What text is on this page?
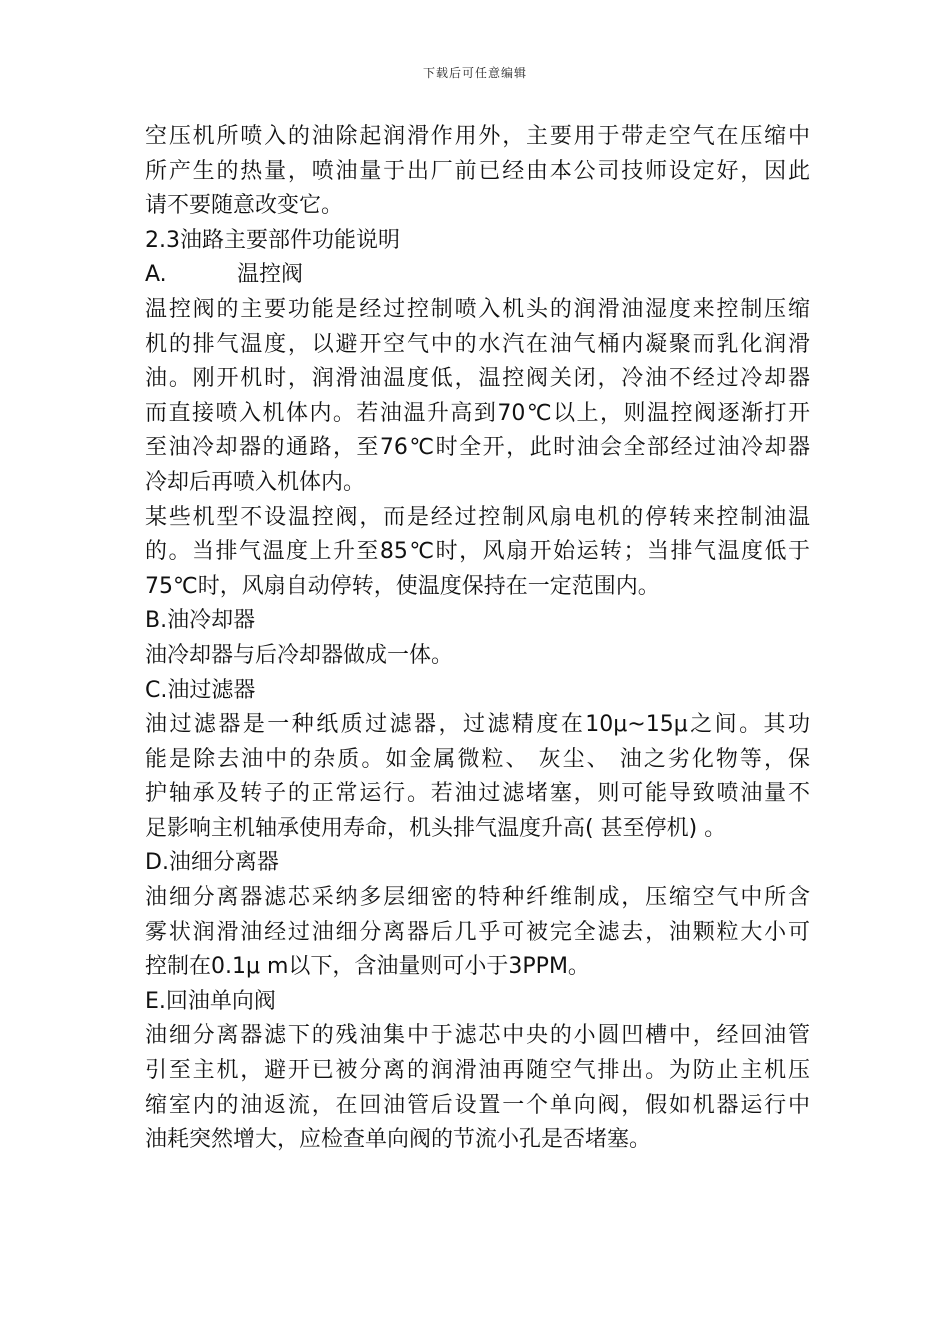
下载后可任意编辑
空压机所喷入的油除起润滑作用外，主要用于带走空气在压缩中
所产生的热量，喷油量于出厂前已经由本公司技师设定好，因此
请不要随意改变它。
2.3油路主要部件功能说明
A.	温控阀
温控阀的主要功能是经过控制喷入机头的润滑油湿度来控制压缩
机的排气温度，以避开空气中的水汽在油气桶内凝聚而乳化润滑
油。刚开机时，润滑油温度低，温控阀关闭，冷油不经过冷却器
而直接喷入机体内。若油温升高到70℃以上，则温控阀逐渐打开
至油冷却器的通路，至76℃时全开，此时油会全部经过油冷却器
冷却后再喷入机体内。
某些机型不设温控阀，而是经过控制风扇电机的停转来控制油温
的。当排气温度上升至85℃时，风扇开始运转；当排气温度低于
75℃时，风扇自动停转，使温度保持在一定范围内。
B.油冷却器
油冷却器与后冷却器做成一体。
C.油过滤器
油过滤器是一种纸质过滤器，过滤精度在10μ~15μ之间。其功
能是除去油中的杂质。如金属微粒、 灰尘、 油之劣化物等，保
护轴承及转子的正常运行。若油过滤堵塞，则可能导致喷油量不
足影响主机轴承使用寿命，机头排气温度升高( 甚至停机) 。
D.油细分离器
油细分离器滤芯采纳多层细密的特种纤维制成，压缩空气中所含
雾状润滑油经过油细分离器后几乎可被完全滤去，油颗粒大小可
控制在0.1μ m以下，含油量则可小于3PPM。
E.回油单向阀
油细分离器滤下的残油集中于滤芯中央的小圆凹槽中，经回油管
引至主机，避开已被分离的润滑油再随空气排出。为防止主机压
缩室内的油返流，在回油管后设置一个单向阀，假如机器运行中
油耗突然增大，应检查单向阀的节流小孔是否堵塞。
